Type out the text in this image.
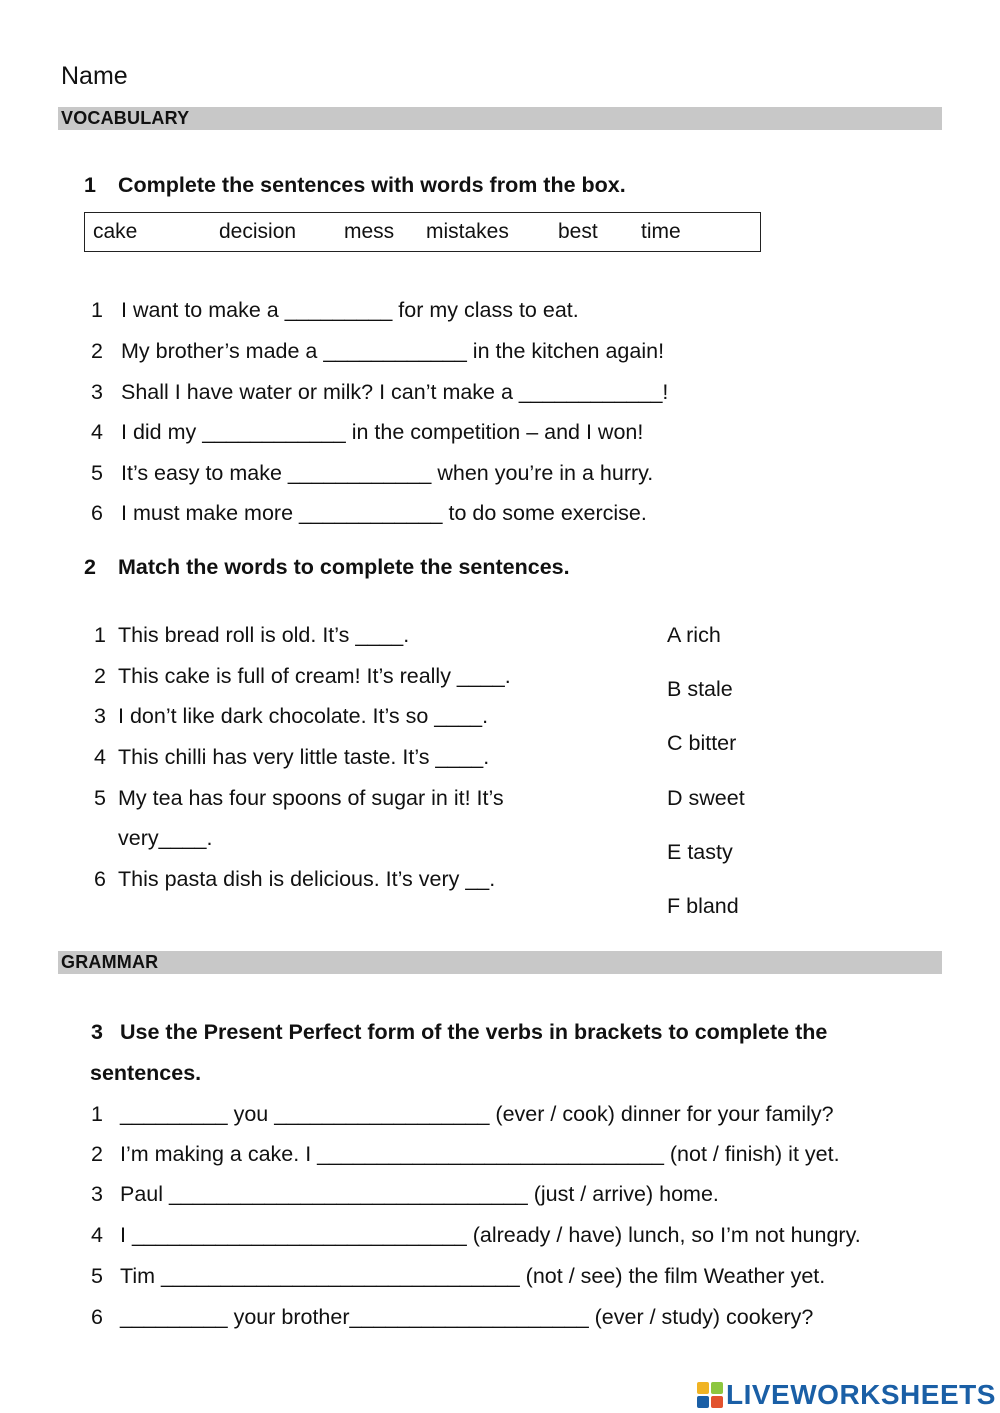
Name
VOCABULARY
1 Complete the sentences with words from the box.
cake	decision mess mistakes best time
1 I want to make a _________ for my class to eat.
2 My brother’s made a ____________ in the kitchen again!
3 Shall I have water or milk? I can’t make a ____________!
4 I did my ____________ in the competition – and I won!
5 It’s easy to make ____________ when you’re in a hurry.
6 I must make more ____________ to do some exercise.
2 Match the words to complete the sentences.
1 This bread roll is old. It’s ____.
2 This cake is full of cream! It’s really ____.
3 I don’t like dark chocolate. It’s so ____.
4 This chilli has very little taste. It’s ____.
5 My tea has four spoons of sugar in it! It’s
very____.
6 This pasta dish is delicious. It’s very __.
A rich
B stale
C bitter
D sweet
E tasty
F bland
GRAMMAR
3 Use the Present Perfect form of the verbs in brackets to complete the
sentences.
1 _________ you __________________ (ever / cook) dinner for your family?
2 I’m making a cake. I _____________________________ (not / finish) it yet.
3 Paul ______________________________ (just / arrive) home.
4 I ____________________________ (already / have) lunch, so I’m not hungry.
5 Tim ______________________________ (not / see) the film Weather yet.
6 _________ your brother____________________ (ever / study) cookery?
LIVEWORKSHEETS
